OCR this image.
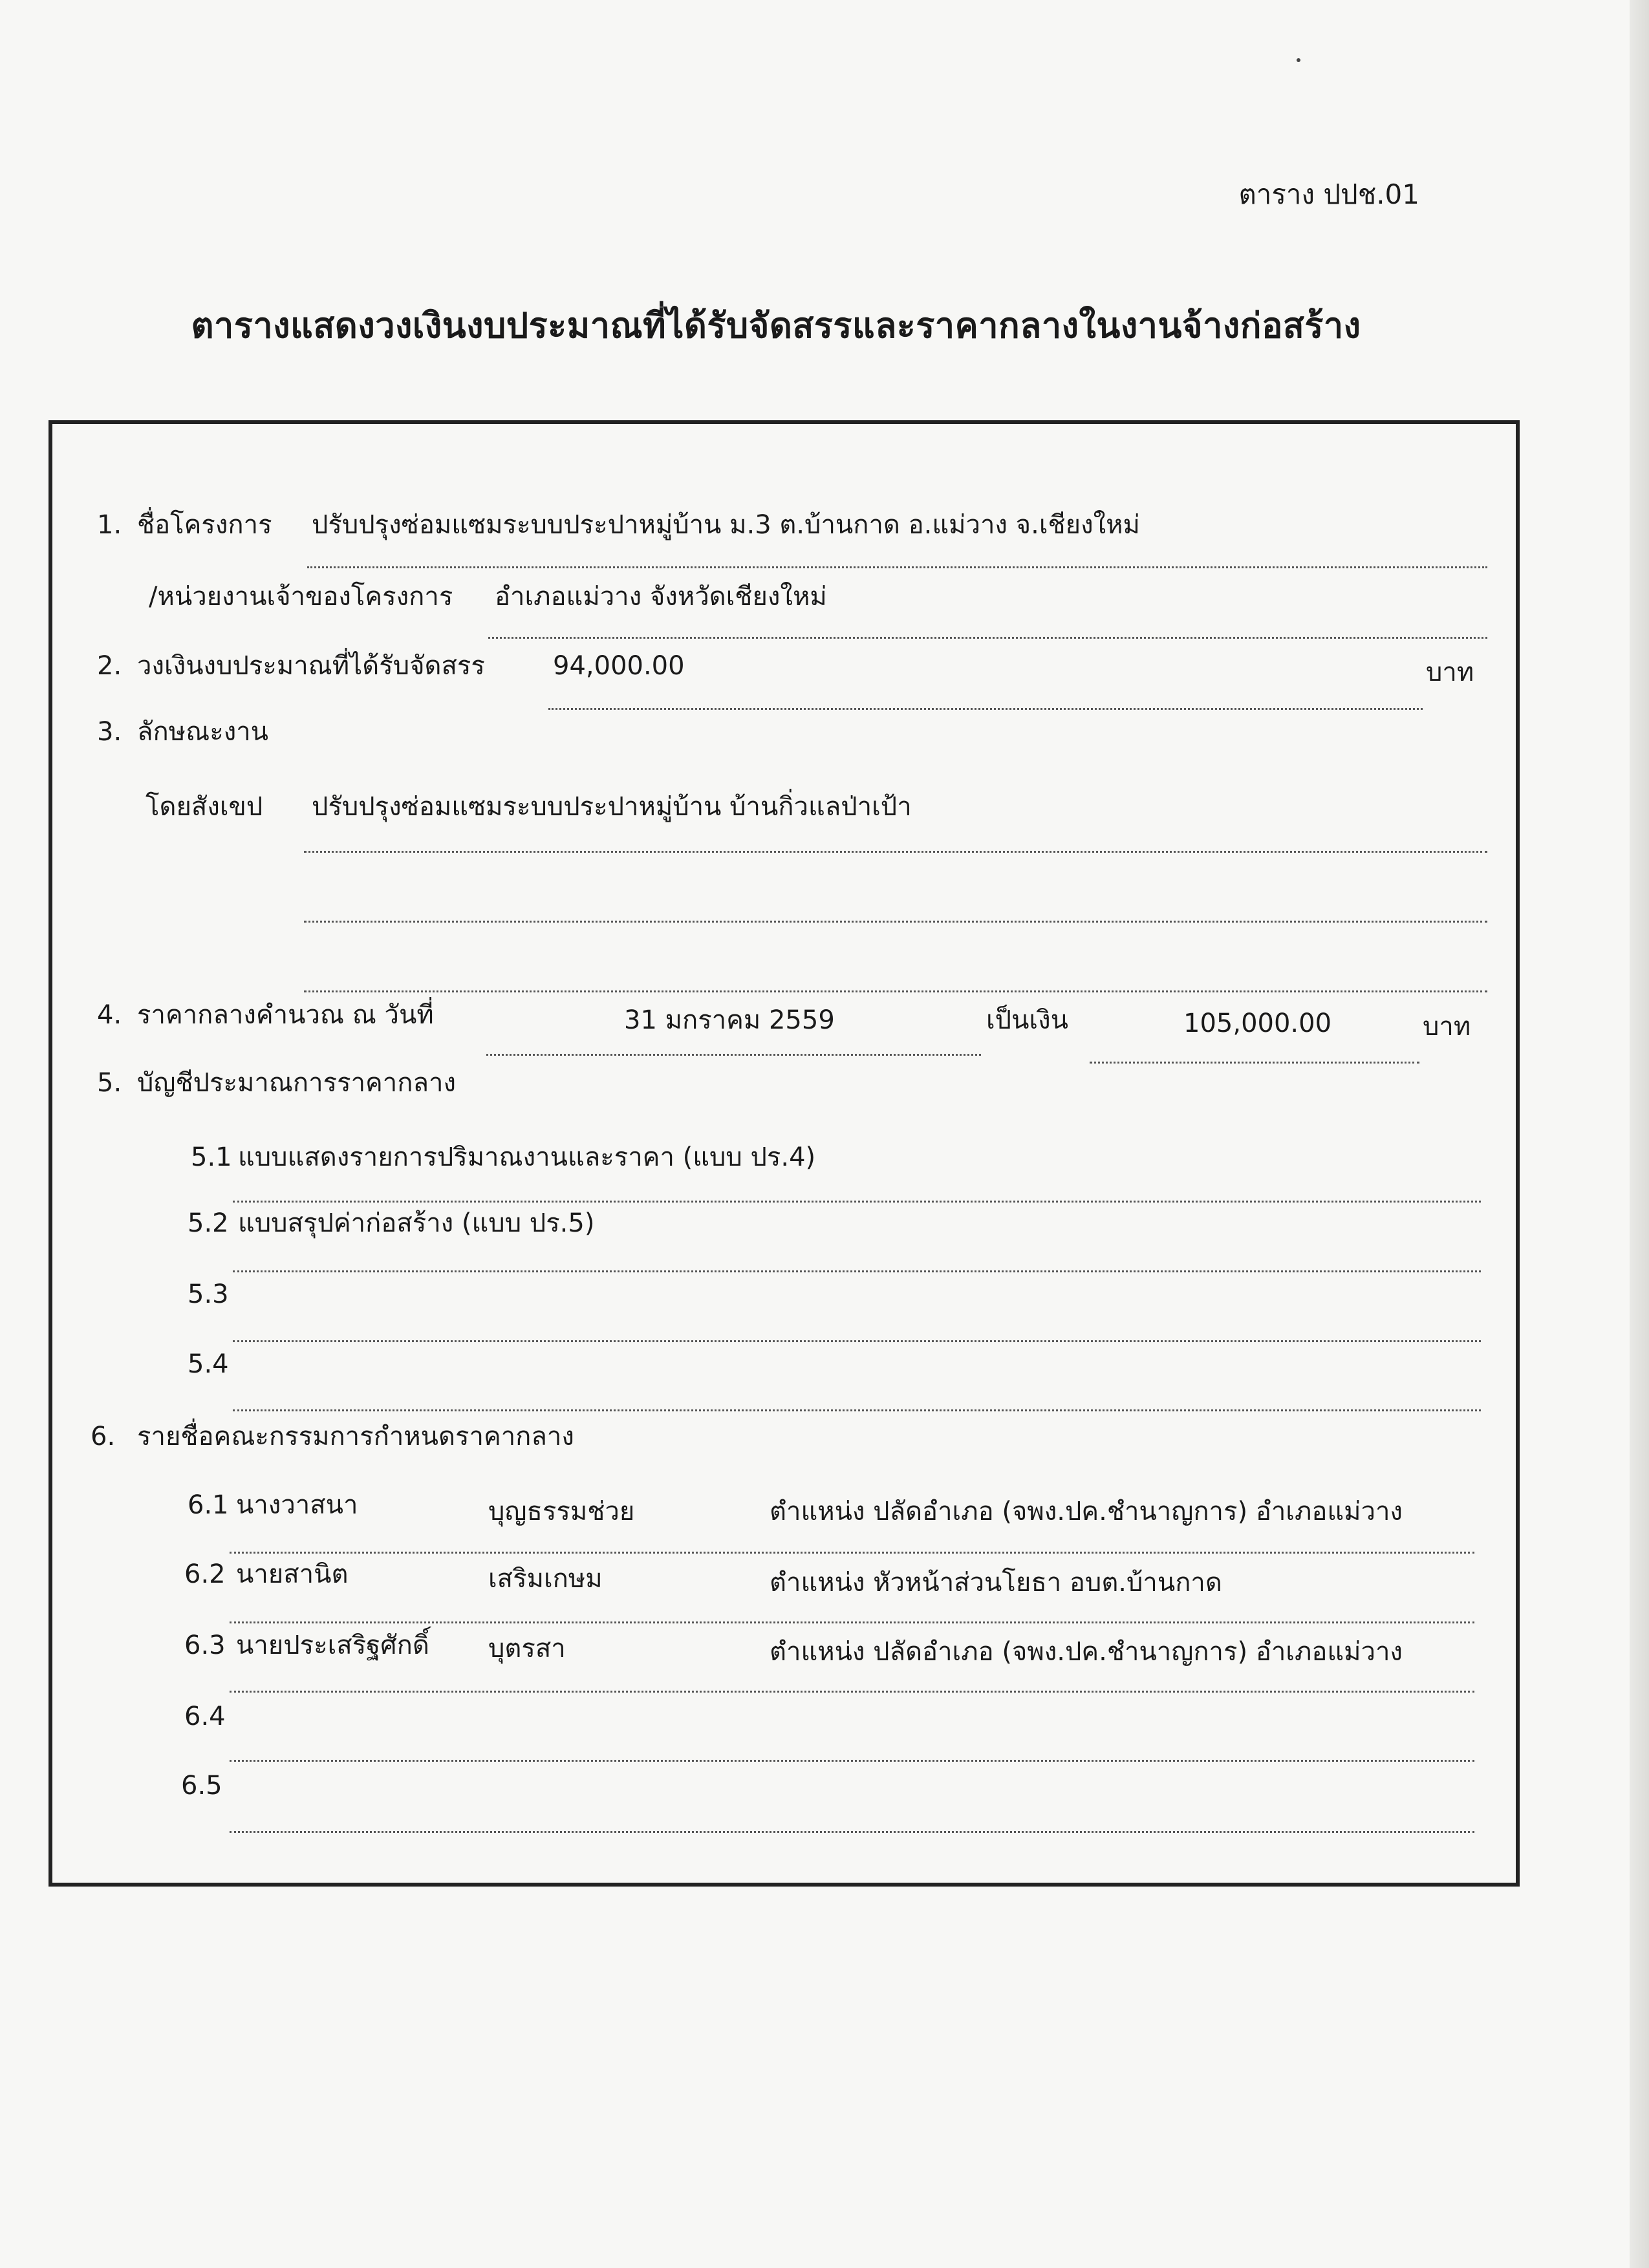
ตาราง ปปช.01
ตารางแสดงวงเงินงบประมาณที่ได้รับจัดสรรและราคากลางในงานจ้างก่อสร้าง
1. ชื่อโครงการ ปรับปรุงซ่อมแซมระบบประปาหมู่บ้าน ม.3 ต.บ้านกาด อ.แม่วาง จ.เชียงใหม่
/หน่วยงานเจ้าของโครงการ อำเภอแม่วาง จังหวัดเชียงใหม่
2. วงเงินงบประมาณที่ได้รับจัดสรร	94,000.00	บาท
3. ลักษณะงาน
โดยสังเขป ปรับปรุงซ่อมแซมระบบประปาหมู่บ้าน บ้านกิ่วแลป่าเป้า
4. ราคากลางคำนวณ ณ วันที่	31 มกราคม 2559	เป็นเงิน	105,000.00	บาท
5. บัญชีประมาณการราคากลาง
5.1 แบบแสดงรายการปริมาณงานและราคา (แบบ ปร.4)
5.2 แบบสรุปค่าก่อสร้าง (แบบ ปร.5)
5.3
5.4
6. รายชื่อคณะกรรมการกำหนดราคากลาง
6.1 นางวาสนา	บุญธรรมช่วย	ตำแหน่ง ปลัดอำเภอ (จพง.ปค.ชำนาญการ) อำเภอแม่วาง
6.2 นายสานิต	เสริมเกษม	ตำแหน่ง หัวหน้าส่วนโยธา อบต.บ้านกาด
6.3 นายประเสริฐศักดิ์ บุตรสา	ตำแหน่ง ปลัดอำเภอ (จพง.ปค.ชำนาญการ) อำเภอแม่วาง
6.4
6.5
